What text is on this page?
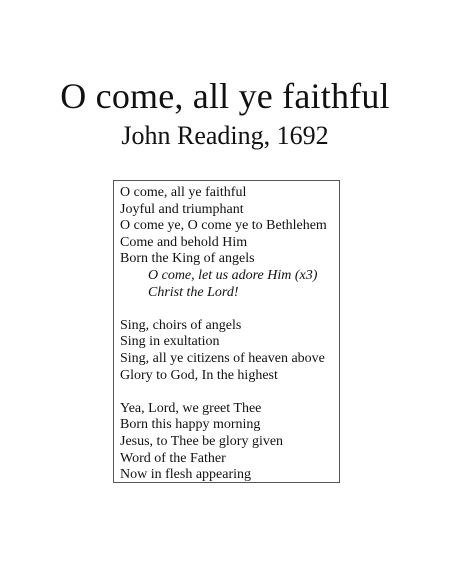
O come, all ye faithful
John Reading, 1692
O come, all ye faithful
Joyful and triumphant
O come ye, O come ye to Bethlehem
Come and behold Him
Born the King of angels
O come, let us adore Him (x3)
Christ the Lord!
Sing, choirs of angels
Sing in exultation
Sing, all ye citizens of heaven above
Glory to God, In the highest
Yea, Lord, we greet Thee
Born this happy morning
Jesus, to Thee be glory given
Word of the Father
Now in flesh appearing
